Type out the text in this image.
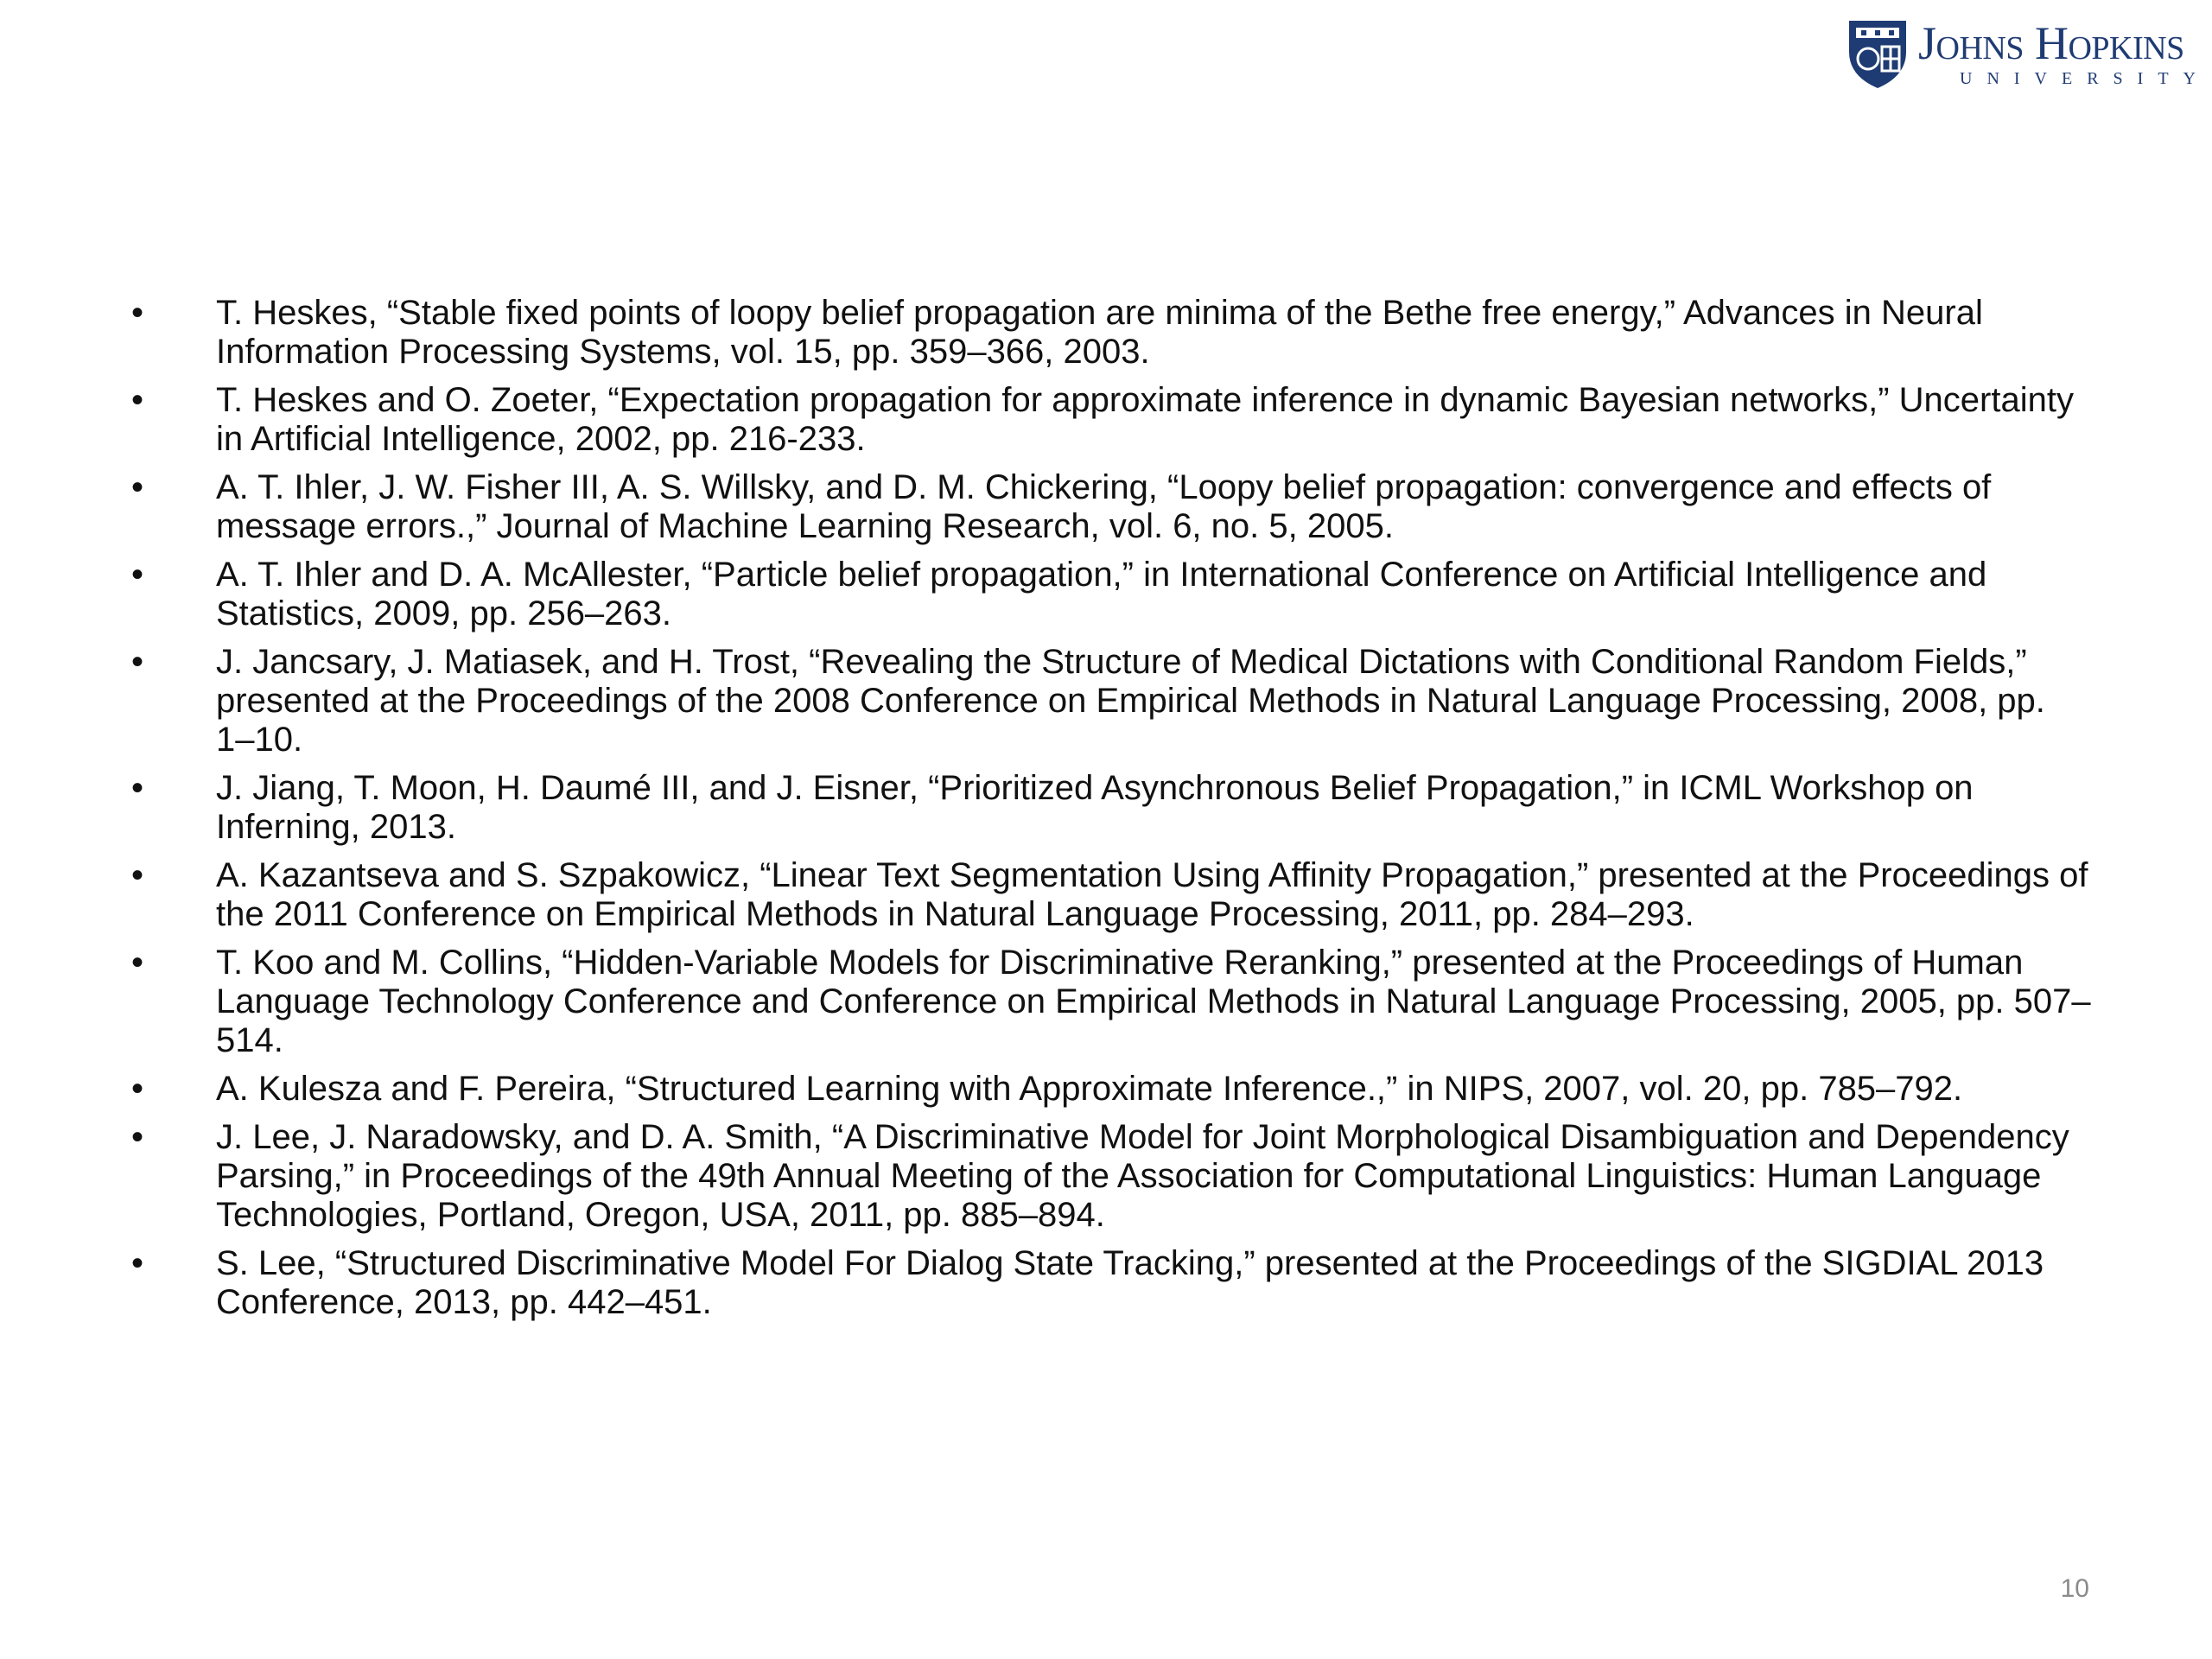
Johns Hopkins
UNIVERSITY
• T. Heskes, “Stable fixed points of loopy belief propagation are minima of the Bethe free energy,” Advances in Neural Information Processing Systems, vol. 15, pp. 359–366, 2003.
• T. Heskes and O. Zoeter, “Expectation propagation for approximate inference in dynamic Bayesian networks,” Uncertainty in Artificial Intelligence, 2002, pp. 216-233.
• A. T. Ihler, J. W. Fisher III, A. S. Willsky, and D. M. Chickering, “Loopy belief propagation: convergence and effects of message errors.,” Journal of Machine Learning Research, vol. 6, no. 5, 2005.
• A. T. Ihler and D. A. McAllester, “Particle belief propagation,” in International Conference on Artificial Intelligence and Statistics, 2009, pp. 256–263.
• J. Jancsary, J. Matiasek, and H. Trost, “Revealing the Structure of Medical Dictations with Conditional Random Fields,” presented at the Proceedings of the 2008 Conference on Empirical Methods in Natural Language Processing, 2008, pp. 1–10.
• J. Jiang, T. Moon, H. Daumé III, and J. Eisner, “Prioritized Asynchronous Belief Propagation,” in ICML Workshop on Inferning, 2013.
• A. Kazantseva and S. Szpakowicz, “Linear Text Segmentation Using Affinity Propagation,” presented at the Proceedings of the 2011 Conference on Empirical Methods in Natural Language Processing, 2011, pp. 284–293.
• T. Koo and M. Collins, “Hidden-Variable Models for Discriminative Reranking,” presented at the Proceedings of Human Language Technology Conference and Conference on Empirical Methods in Natural Language Processing, 2005, pp. 507–514.
• A. Kulesza and F. Pereira, “Structured Learning with Approximate Inference.,” in NIPS, 2007, vol. 20, pp. 785–792.
• J. Lee, J. Naradowsky, and D. A. Smith, “A Discriminative Model for Joint Morphological Disambiguation and Dependency Parsing,” in Proceedings of the 49th Annual Meeting of the Association for Computational Linguistics: Human Language Technologies, Portland, Oregon, USA, 2011, pp. 885–894.
• S. Lee, “Structured Discriminative Model For Dialog State Tracking,” presented at the Proceedings of the SIGDIAL 2013 Conference, 2013, pp. 442–451.
10
